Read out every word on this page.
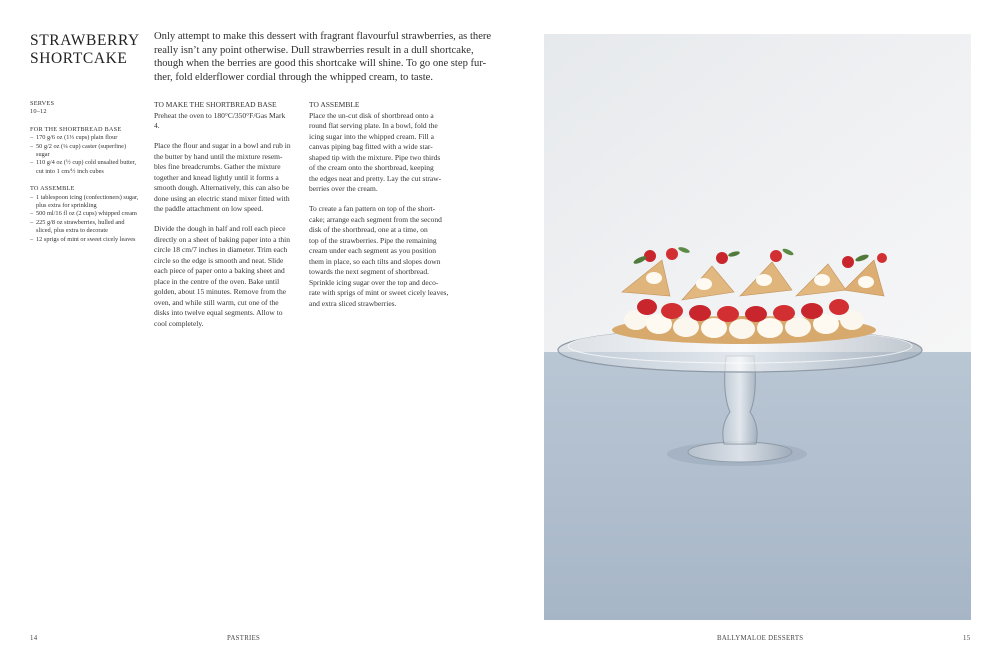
STRAWBERRY
SHORTCAKE

Only attempt to make this dessert with fragrant flavourful strawberries, as there
really isn’t any point otherwise. Dull strawberries result in a dull shortcake,
though when the berries are good this shortcake will shine. To go one step fur-
ther, fold elderflower cordial through the whipped cream, to taste.

SERVES
10–12
FOR THE SHORTBREAD BASE
– 170 g/6 oz (1⅓ cups) plain flour
– 50 g/2 oz (¼ cup) caster (superfine)
sugar
– 110 g/4 oz (½ cup) cold unsalted butter,
cut into 1 cm/½ inch cubes
TO ASSEMBLE
– 1 tablespoon icing (confectioners) sugar,
plus extra for sprinkling
– 500 ml/16 fl oz (2 cups) whipped cream
– 225 g/8 oz strawberries, hulled and
sliced, plus extra to decorate
– 12 sprigs of mint or sweet cicely leaves
TO MAKE THE SHORTBREAD BASE

Preheat the oven to 180°C/350°F/Gas Mark
4.

Place the flour and sugar in a bowl and rub in
the butter by hand until the mixture resem-
bles fine breadcrumbs. Gather the mixture
together and knead lightly until it forms a
smooth dough. Alternatively, this can also be
done using an electric stand mixer fitted with
the paddle attachment on low speed.

Divide the dough in half and roll each piece
directly on a sheet of baking paper into a thin
circle 18 cm/7 inches in diameter. Trim each
circle so the edge is smooth and neat. Slide
each piece of paper onto a baking sheet and
place in the centre of the oven. Bake until
golden, about 15 minutes. Remove from the
oven, and while still warm, cut one of the
disks into twelve equal segments. Allow to
cool completely.

TO ASSEMBLE

Place the un-cut disk of shortbread onto a
round flat serving plate. In a bowl, fold the
icing sugar into the whipped cream. Fill a
canvas piping bag fitted with a wide star-
shaped tip with the mixture. Pipe two thirds
of the cream onto the shortbread, keeping
the edges neat and pretty. Lay the cut straw-
berries over the cream.

To create a fan pattern on top of the short-
cake; arrange each segment from the second
disk of the shortbread, one at a time, on
top of the strawberries. Pipe the remaining
cream under each segment as you position
them in place, so each tilts and slopes down
towards the next segment of shortbread.
Sprinkle icing sugar over the top and deco-
rate with sprigs of mint or sweet cicely leaves,
and extra sliced strawberries.

14	PASTRIES	BALLYMALOE DESSERTS	15
